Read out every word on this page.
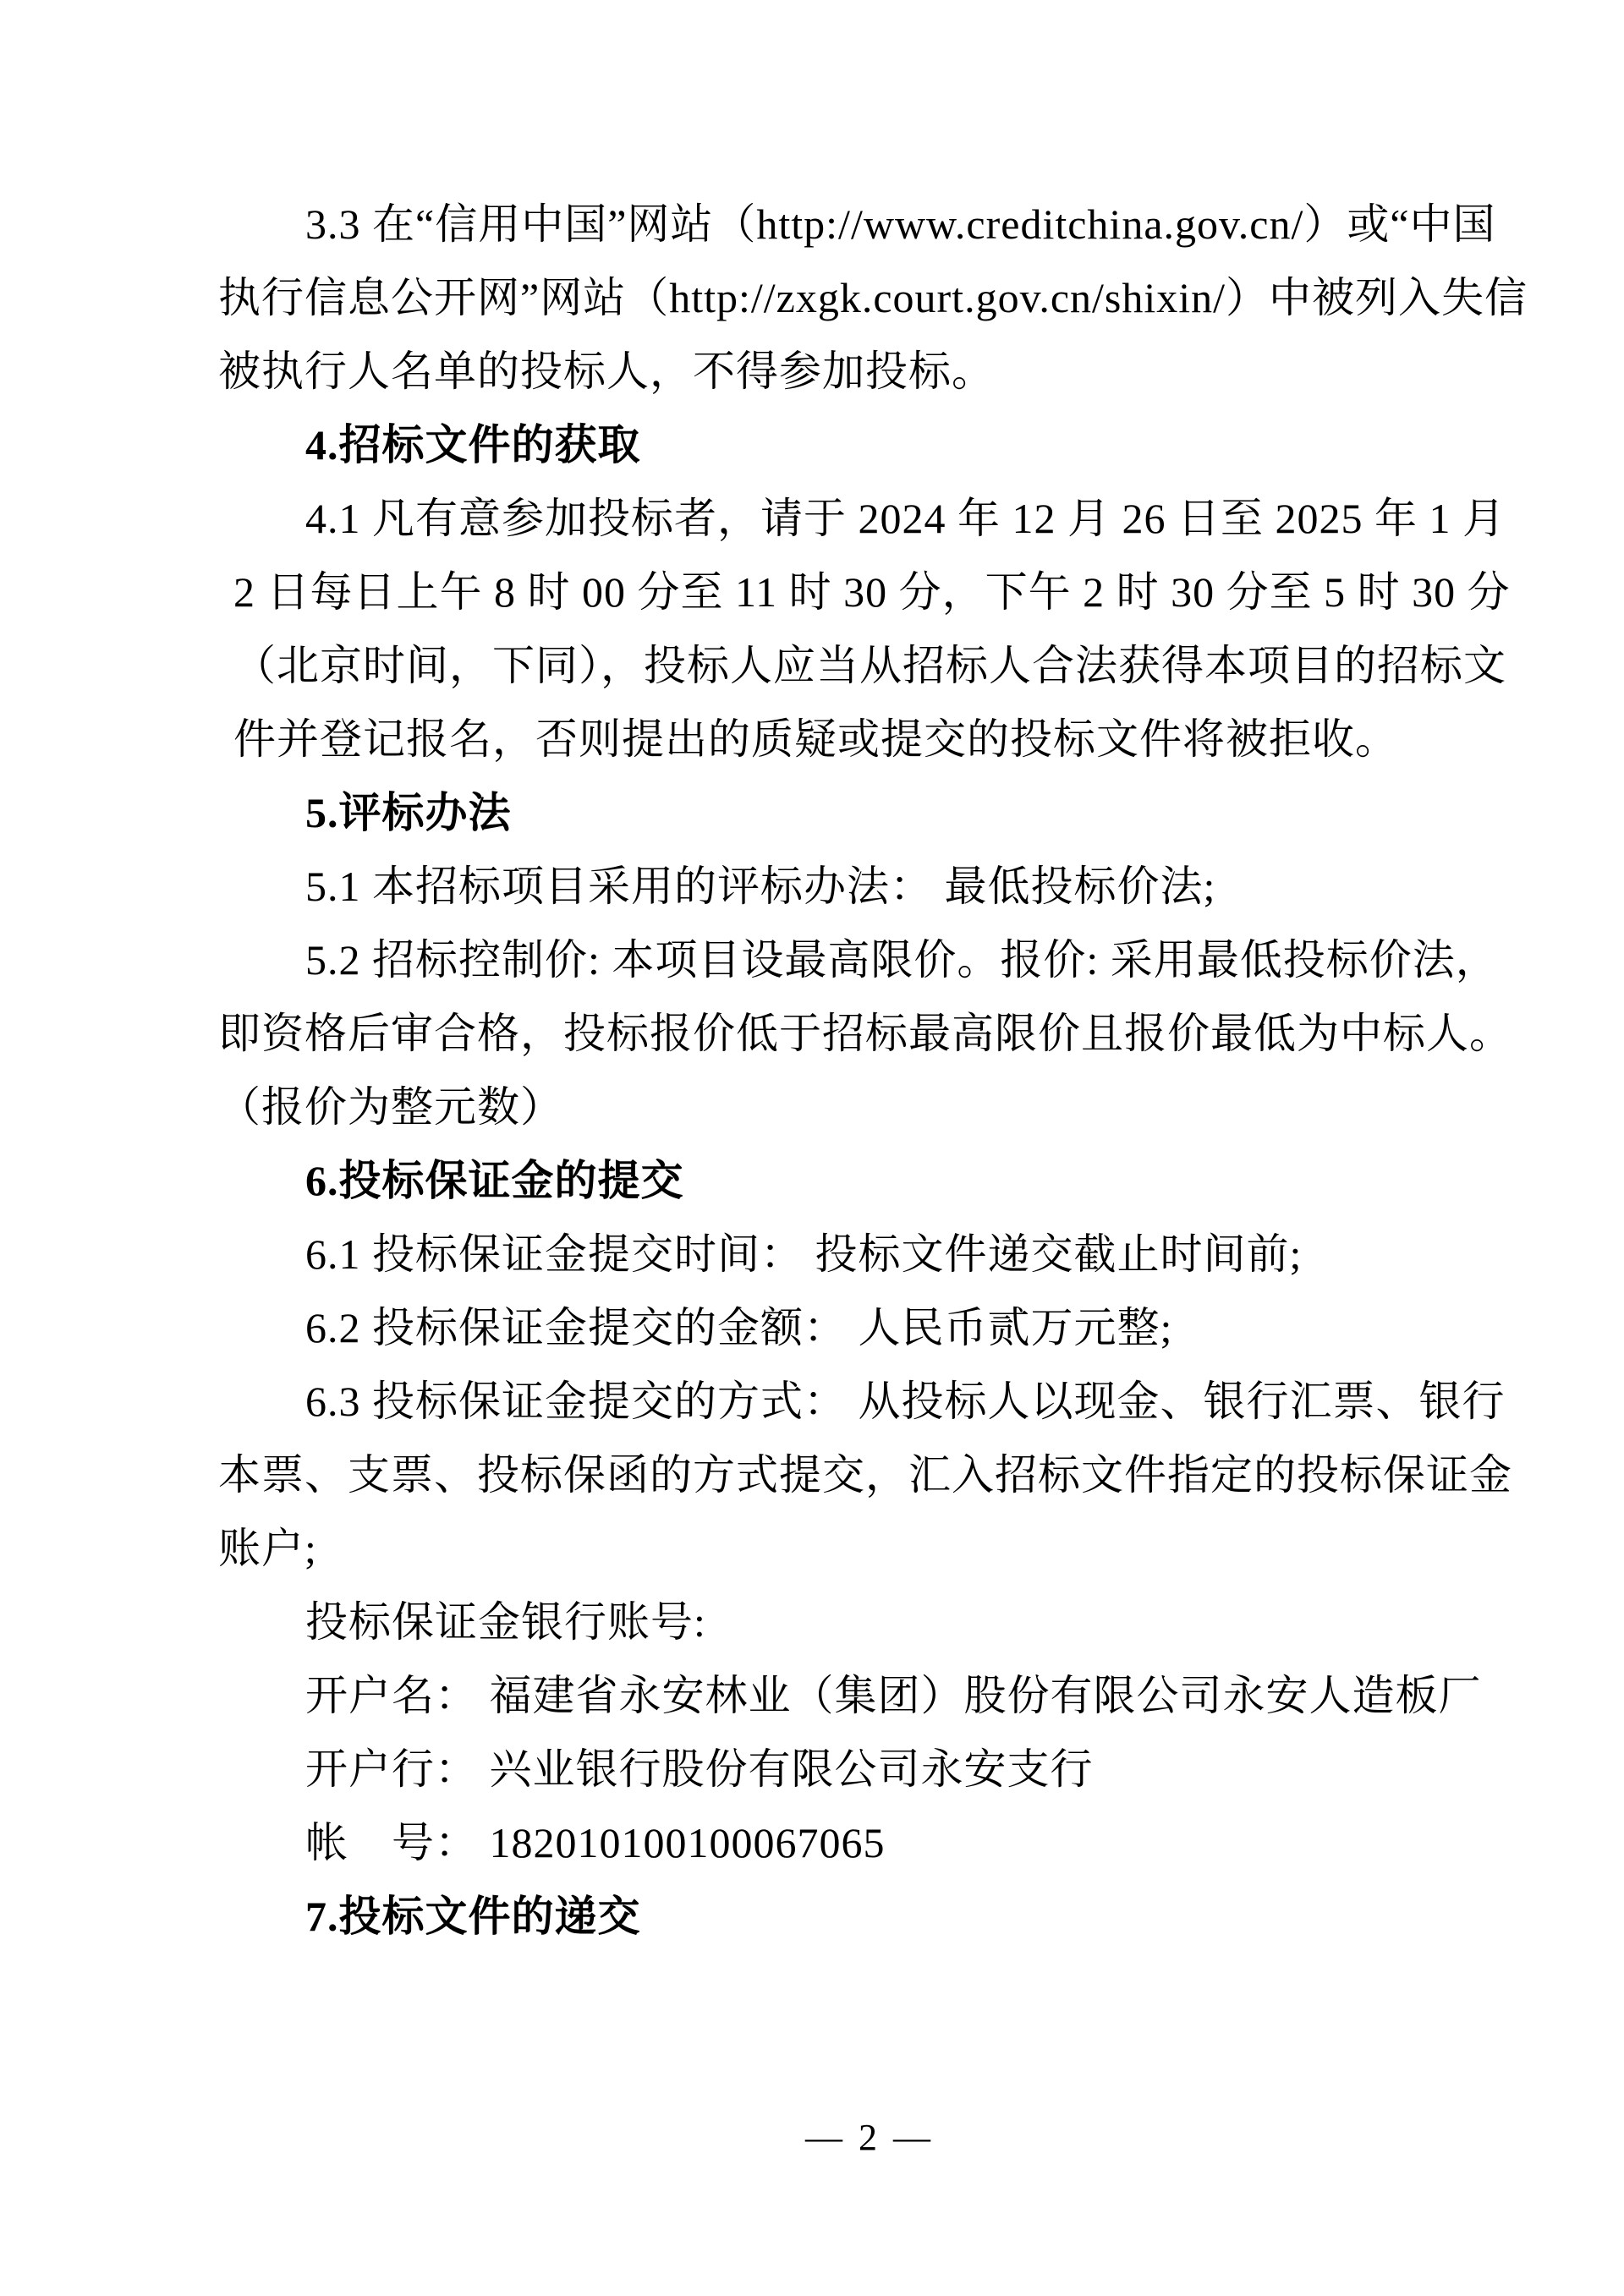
3.3 在“信用中国”网站（http://www.creditchina.gov.cn/）或“中国
执行信息公开网”网站（http://zxgk.court.gov.cn/shixin/）中被列入失信
被执行人名单的投标人，不得参加投标。
4.招标文件的获取
4.1 凡有意参加投标者，请于 2024 年 12 月 26 日至 2025 年 1 月
2 日每日上午 8 时 00 分至 11 时 30 分，下午 2 时 30 分至 5 时 30 分
（北京时间，下同），投标人应当从招标人合法获得本项目的招标文
件并登记报名，否则提出的质疑或提交的投标文件将被拒收。
5.评标办法
5.1 本招标项目采用的评标办法： 最低投标价法;
5.2 招标控制价: 本项目设最高限价。报价: 采用最低投标价法，
即资格后审合格，投标报价低于招标最高限价且报价最低为中标人。
（报价为整元数）
6.投标保证金的提交
6.1 投标保证金提交时间： 投标文件递交截止时间前;
6.2 投标保证金提交的金额： 人民币贰万元整;
6.3 投标保证金提交的方式： 从投标人以现金、银行汇票、银行
本票、支票、投标保函的方式提交，汇入招标文件指定的投标保证金
账户;
投标保证金银行账号:
开户名： 福建省永安林业（集团）股份有限公司永安人造板厂
开户行： 兴业银行股份有限公司永安支行
帐　号： 182010100100067065
7.投标文件的递交
— 2 —
